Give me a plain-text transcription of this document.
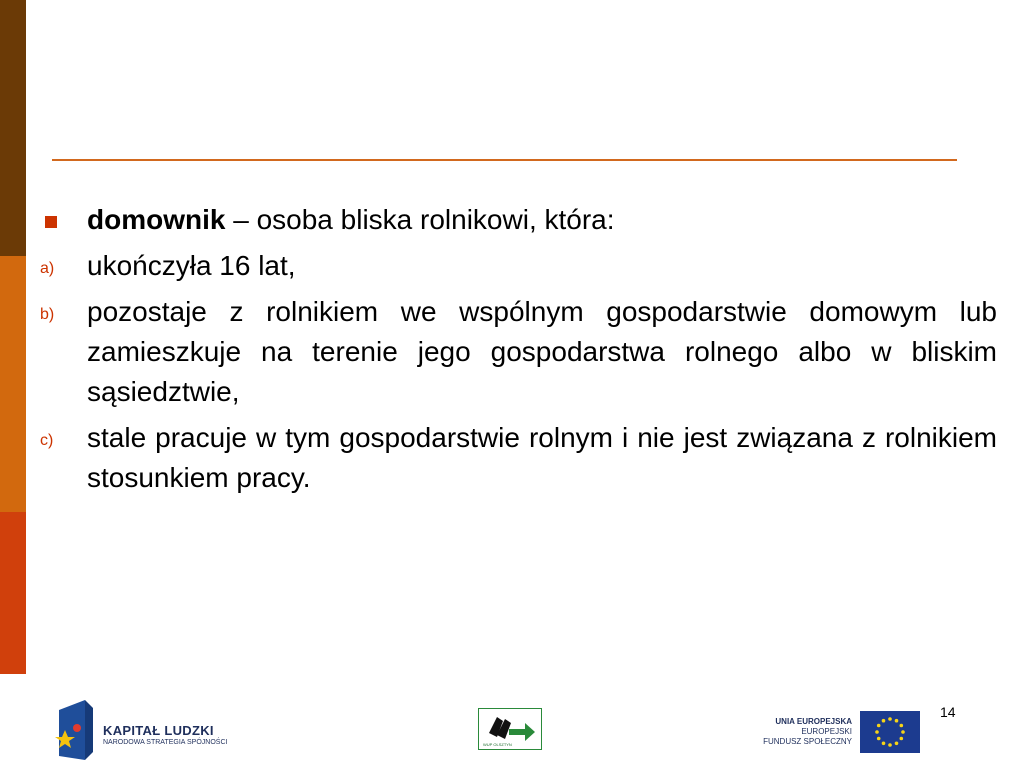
domownik – osoba bliska rolnikowi, która:
a)	ukończyła 16 lat,
b)	pozostaje z rolnikiem we wspólnym gospodarstwie domowym lub zamieszkuje na terenie jego gospodarstwa rolnego albo w bliskim sąsiedztwie,
c)	stale pracuje w tym gospodarstwie rolnym i nie jest związana z rolnikiem stosunkiem pracy.
14
KAPITAŁ LUDZKI
NARODOWA STRATEGIA SPÓJNOŚCI	WUP OLSZTYN
UNIA EUROPEJSKA
EUROPEJSKI
FUNDUSZ SPOŁECZNY
